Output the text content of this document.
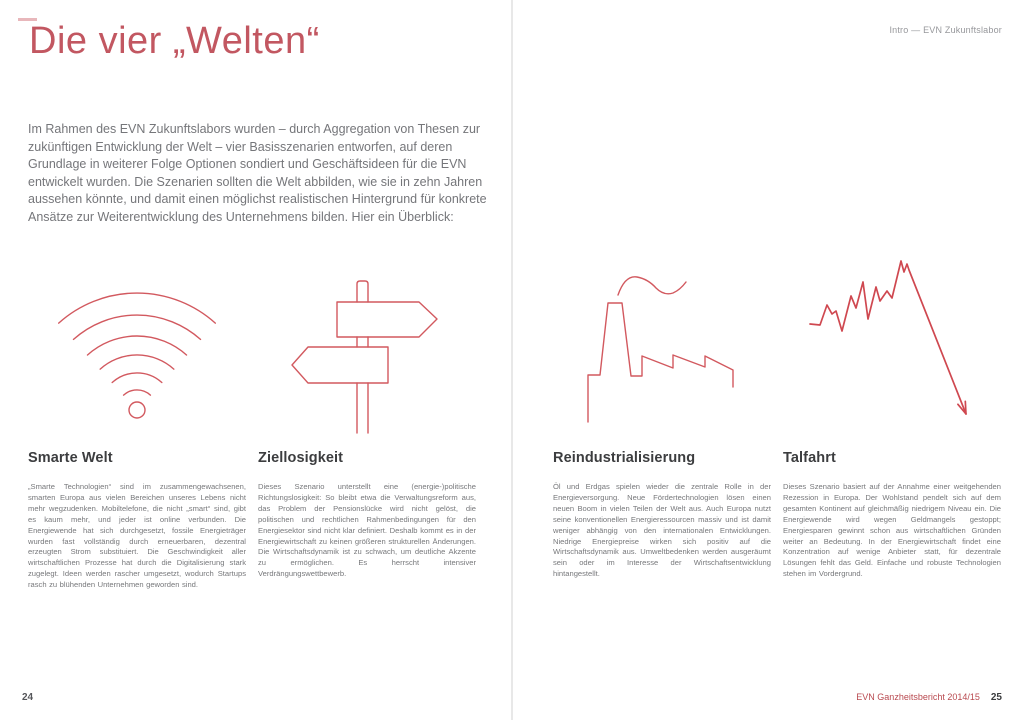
Die vier „Welten“	Intro — EVN Zukunftslabor

Im Rahmen des EVN Zukunftslabors wurden – durch Aggregation von Thesen zur zukünftigen Entwicklung der Welt – vier Basisszenarien entworfen, auf deren Grundlage in weiterer Folge Optionen sondiert und Geschäftsideen für die EVN entwickelt wurden. Die Szenarien sollten die Welt abbilden, wie sie in zehn Jahren aussehen könnte, und damit einen möglichst realistischen Hintergrund für konkrete Ansätze zur Weiterentwicklung des Unternehmens bilden. Hier ein Überblick:

Smarte Welt

„Smarte Technologien“ sind im zusammengewachsenen, smarten Europa aus vielen Bereichen unseres Lebens nicht mehr wegzudenken. Mobiltelefone, die nicht „smart“ sind, gibt es kaum mehr, und jeder ist online verbunden. Die Energiewende hat sich durchgesetzt, fossile Energieträger wurden fast vollständig durch erneuerbaren, dezentral erzeugten Strom substituiert. Die Geschwindigkeit aller wirtschaftlichen Prozesse hat durch die Digitalisierung stark zugelegt. Ideen werden rascher umgesetzt, wodurch Startups rasch zu blühenden Unternehmen geworden sind.

Ziellosigkeit

Dieses Szenario unterstellt eine (energie-)politische Richtungslosigkeit: So bleibt etwa die Verwaltungsreform aus, das Problem der Pensionslücke wird nicht gelöst, die politischen und rechtlichen Rahmenbedingungen für den Energiesektor sind nicht klar definiert. Deshalb kommt es in der Energiewirtschaft zu keinen größeren strukturellen Änderungen. Die Wirtschaftsdynamik ist zu schwach, um deutliche Akzente zu ermöglichen. Es herrscht intensiver Verdrängungswettbewerb.

Reindustrialisierung

Öl und Erdgas spielen wieder die zentrale Rolle in der Energieversorgung. Neue Fördertechnologien lösen einen neuen Boom in vielen Teilen der Welt aus. Auch Europa nutzt seine konventionellen Energieressourcen massiv und ist damit weniger abhängig von den internationalen Entwicklungen. Niedrige Energiepreise wirken sich positiv auf die Wirtschaftsdynamik aus. Umweltbedenken werden ausgeräumt sein oder im Interesse der Wirtschaftsentwicklung hintangestellt.

Talfahrt

Dieses Szenario basiert auf der Annahme einer weitgehenden Rezession in Europa. Der Wohlstand pendelt sich auf dem gesamten Kontinent auf gleichmäßig niedrigem Niveau ein. Die Energiewende wird wegen Geldmangels gestoppt; Energiesparen gewinnt schon aus wirtschaftlichen Gründen weiter an Bedeutung. In der Energiewirtschaft findet eine Konzentration auf wenige Anbieter statt, für dezentrale Lösungen fehlt das Geld. Einfache und robuste Technologien stehen im Vordergrund.

24	EVN Ganzheitsbericht 2014/15 25
